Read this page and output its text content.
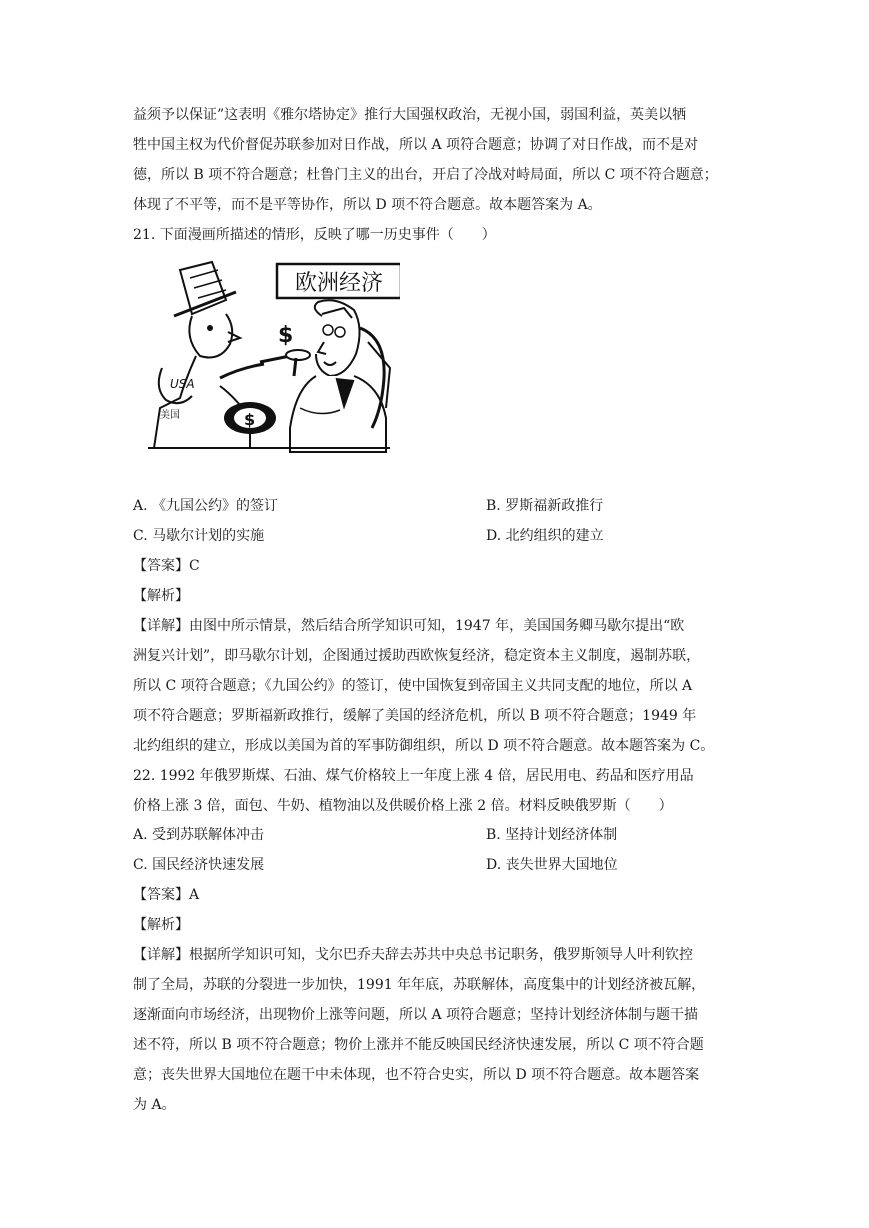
益须予以保证”这表明《雅尔塔协定》推行大国强权政治，无视小国，弱国利益，英美以牺
牲中国主权为代价督促苏联参加对日作战，所以 A 项符合题意；协调了对日作战，而不是对
德，所以 B 项不符合题意；杜鲁门主义的出台，开启了冷战对峙局面，所以 C 项不符合题意；
体现了不平等，而不是平等协作，所以 D 项不符合题意。故本题答案为 A。
21. 下面漫画所描述的情形，反映了哪一历史事件（　　）
欧洲经济
USA
美国
$
$
A. 《九国公约》的签订	B. 罗斯福新政推行
C. 马歇尔计划的实施	D. 北约组织的建立
【答案】C
【解析】
【详解】由图中所示情景，然后结合所学知识可知，1947 年，美国国务卿马歇尔提出“欧
洲复兴计划”，即马歇尔计划，企图通过援助西欧恢复经济，稳定资本主义制度，遏制苏联，
所以 C 项符合题意；《九国公约》的签订，使中国恢复到帝国主义共同支配的地位，所以 A
项不符合题意；罗斯福新政推行，缓解了美国的经济危机，所以 B 项不符合题意；1949 年
北约组织的建立，形成以美国为首的军事防御组织，所以 D 项不符合题意。故本题答案为 C。
22. 1992 年俄罗斯煤、石油、煤气价格较上一年度上涨 4 倍，居民用电、药品和医疗用品
价格上涨 3 倍，面包、牛奶、植物油以及供暖价格上涨 2 倍。材料反映俄罗斯（　　）
A. 受到苏联解体冲击	B. 坚持计划经济体制
C. 国民经济快速发展	D. 丧失世界大国地位
【答案】A
【解析】
【详解】根据所学知识可知，戈尔巴乔夫辞去苏共中央总书记职务，俄罗斯领导人叶利钦控
制了全局，苏联的分裂进一步加快，1991 年年底，苏联解体，高度集中的计划经济被瓦解，
逐渐面向市场经济，出现物价上涨等问题，所以 A 项符合题意；坚持计划经济体制与题干描
述不符，所以 B 项不符合题意；物价上涨并不能反映国民经济快速发展，所以 C 项不符合题
意；丧失世界大国地位在题干中未体现，也不符合史实，所以 D 项不符合题意。故本题答案
为 A。
